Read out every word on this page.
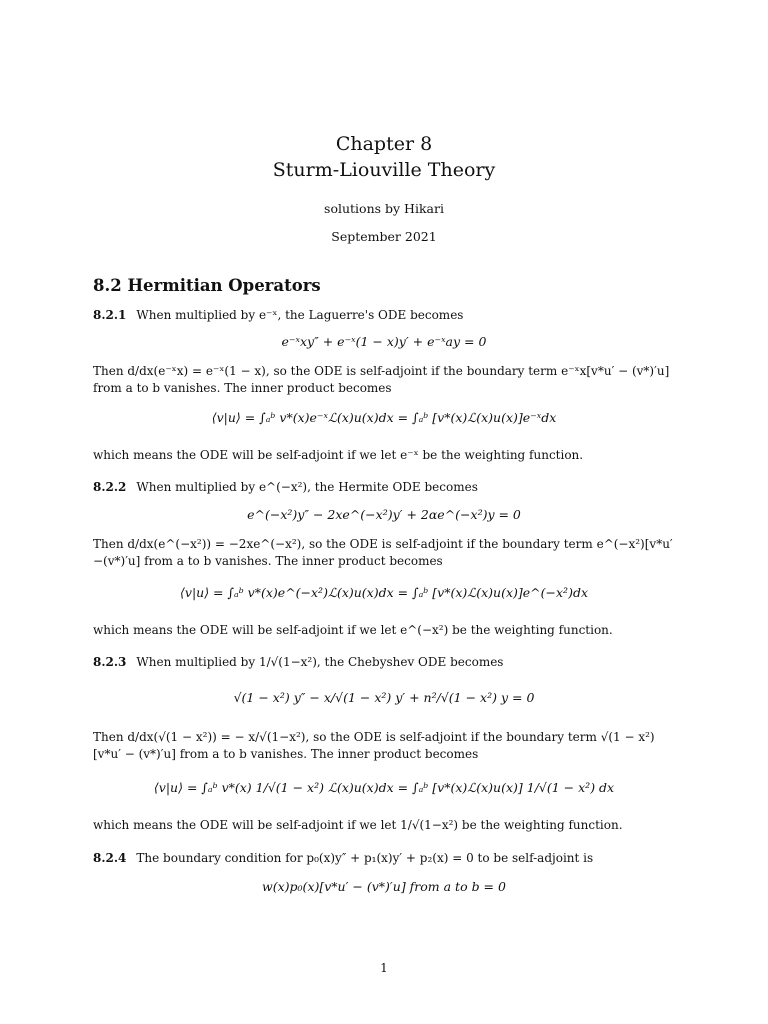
Chapter 8
Sturm-Liouville Theory
solutions by Hikari
September 2021
8.2 Hermitian Operators
8.2.1 When multiplied by e⁻ˣ, the Laguerre's ODE becomes
e⁻ˣxy″ + e⁻ˣ(1 − x)y′ + e⁻ˣay = 0
Then d/dx(e⁻ˣx) = e⁻ˣ(1 − x), so the ODE is self-adjoint if the boundary term e⁻ˣx[v*u′ − (v*)′u] from a to b vanishes. The inner product becomes
⟨v|u⟩ = ∫ₐᵇ v*(x)e⁻ˣℒ(x)u(x)dx = ∫ₐᵇ [v*(x)ℒ(x)u(x)]e⁻ˣdx
which means the ODE will be self-adjoint if we let e⁻ˣ be the weighting function.
8.2.2 When multiplied by e^(−x²), the Hermite ODE becomes
e^(−x²)y″ − 2xe^(−x²)y′ + 2αe^(−x²)y = 0
Then d/dx(e^(−x²)) = −2xe^(−x²), so the ODE is self-adjoint if the boundary term e^(−x²)[v*u′−(v*)′u] from a to b vanishes. The inner product becomes
⟨v|u⟩ = ∫ₐᵇ v*(x)e^(−x²)ℒ(x)u(x)dx = ∫ₐᵇ [v*(x)ℒ(x)u(x)]e^(−x²)dx
which means the ODE will be self-adjoint if we let e^(−x²) be the weighting function.
8.2.3 When multiplied by 1/√(1−x²), the Chebyshev ODE becomes
√(1 − x²) y″ − x/√(1 − x²) y′ + n²/√(1 − x²) y = 0
Then d/dx(√(1 − x²)) = − x/√(1−x²), so the ODE is self-adjoint if the boundary term √(1 − x²)[v*u′ − (v*)′u] from a to b vanishes. The inner product becomes
⟨v|u⟩ = ∫ₐᵇ v*(x) 1/√(1 − x²) ℒ(x)u(x)dx = ∫ₐᵇ [v*(x)ℒ(x)u(x)] 1/√(1 − x²) dx
which means the ODE will be self-adjoint if we let 1/√(1−x²) be the weighting function.
8.2.4 The boundary condition for p₀(x)y″ + p₁(x)y′ + p₂(x) = 0 to be self-adjoint is
w(x)p₀(x)[v*u′ − (v*)′u] from a to b = 0
1
